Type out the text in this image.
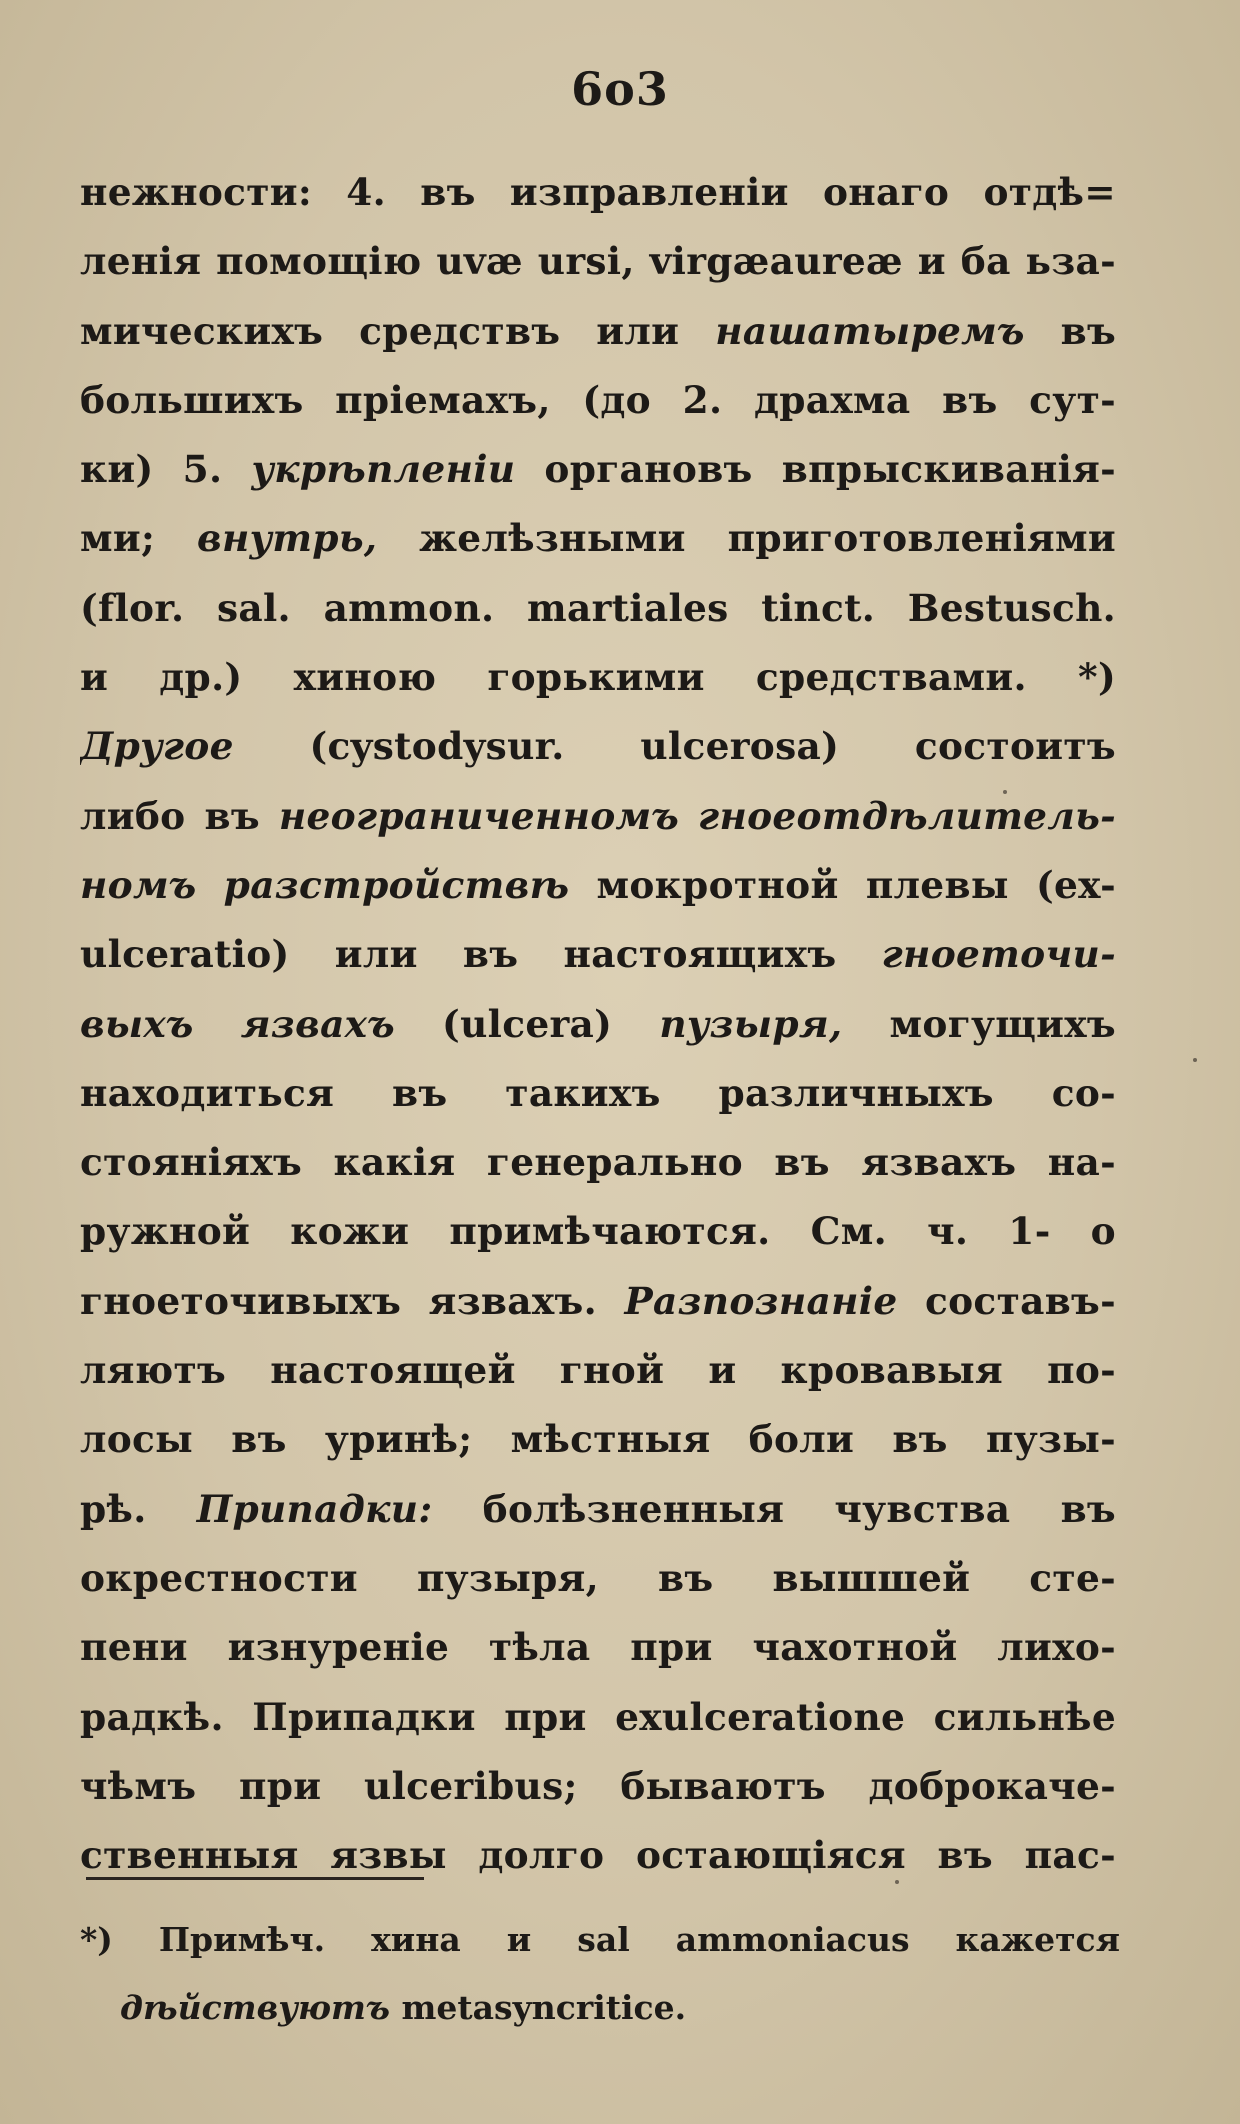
6o3
нежности: 4. въ изправленіи онаго отдѣ=
ленія помощію uvæ ursi, virgæaureæ и ба ьза-
мическихъ средствъ или нашатыремъ въ
большихъ пріемахъ, (до 2. драхма въ сут-
ки) 5. укрѣпленіи органовъ впрыскиванія-
ми; внутрь, желѣзными приготовленіями
(flor. sal. ammon. martiales tinct. Bestusch.
и др.) хиною горькими средствами. *)
Другое (cystodysur. ulcerosa) состоитъ
либо въ неограниченномъ гноеотдѣлитель-
номъ разстройствѣ мокротной плевы (ex-
ulceratio) или въ настоящихъ гноеточи-
выхъ язвахъ (ulcera) пузыря, могущихъ
находиться въ такихъ различныхъ со-
стояніяхъ какія генерально въ язвахъ на-
ружной кожи примѣчаются. См. ч. 1- о
гноеточивыхъ язвахъ. Разпознаніе составъ-
ляютъ настоящей гной и кровавыя по-
лосы въ уринѣ; мѣстныя боли въ пузы-
рѣ. Припадки: болѣзненныя чувства въ
окрестности пузыря, въ вышшей сте-
пени изнуреніе тѣла при чахотной лихо-
радкѣ. Припадки при exulceratione сильнѣе
чѣмъ при ulceribus; бываютъ доброкаче-
ственныя язвы долго остающіяся въ пас-
*) Примѣч. хина и sal ammoniacus кажется
дѣйствуютъ metasyncritice.
